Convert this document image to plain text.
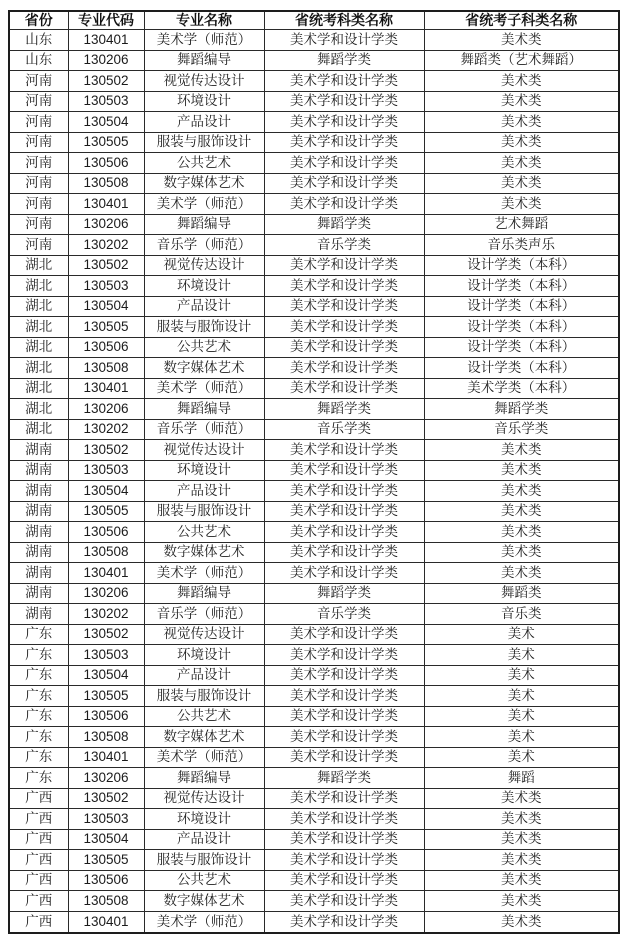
省份	专业代码	专业名称	省统考科类名称	省统考子科类名称
山东	130401	美术学（师范）	美术学和设计学类	美术类
山东	130206	舞蹈编导	舞蹈学类	舞蹈类（艺术舞蹈）
河南	130502	视觉传达设计	美术学和设计学类	美术类
河南	130503	环境设计	美术学和设计学类	美术类
河南	130504	产品设计	美术学和设计学类	美术类
河南	130505	服装与服饰设计	美术学和设计学类	美术类
河南	130506	公共艺术	美术学和设计学类	美术类
河南	130508	数字媒体艺术	美术学和设计学类	美术类
河南	130401	美术学（师范）	美术学和设计学类	美术类
河南	130206	舞蹈编导	舞蹈学类	艺术舞蹈
河南	130202	音乐学（师范）	音乐学类	音乐类声乐
湖北	130502	视觉传达设计	美术学和设计学类	设计学类（本科）
湖北	130503	环境设计	美术学和设计学类	设计学类（本科）
湖北	130504	产品设计	美术学和设计学类	设计学类（本科）
湖北	130505	服装与服饰设计	美术学和设计学类	设计学类（本科）
湖北	130506	公共艺术	美术学和设计学类	设计学类（本科）
湖北	130508	数字媒体艺术	美术学和设计学类	设计学类（本科）
湖北	130401	美术学（师范）	美术学和设计学类	美术学类（本科）
湖北	130206	舞蹈编导	舞蹈学类	舞蹈学类
湖北	130202	音乐学（师范）	音乐学类	音乐学类
湖南	130502	视觉传达设计	美术学和设计学类	美术类
湖南	130503	环境设计	美术学和设计学类	美术类
湖南	130504	产品设计	美术学和设计学类	美术类
湖南	130505	服装与服饰设计	美术学和设计学类	美术类
湖南	130506	公共艺术	美术学和设计学类	美术类
湖南	130508	数字媒体艺术	美术学和设计学类	美术类
湖南	130401	美术学（师范）	美术学和设计学类	美术类
湖南	130206	舞蹈编导	舞蹈学类	舞蹈类
湖南	130202	音乐学（师范）	音乐学类	音乐类
广东	130502	视觉传达设计	美术学和设计学类	美术
广东	130503	环境设计	美术学和设计学类	美术
广东	130504	产品设计	美术学和设计学类	美术
广东	130505	服装与服饰设计	美术学和设计学类	美术
广东	130506	公共艺术	美术学和设计学类	美术
广东	130508	数字媒体艺术	美术学和设计学类	美术
广东	130401	美术学（师范）	美术学和设计学类	美术
广东	130206	舞蹈编导	舞蹈学类	舞蹈
广西	130502	视觉传达设计	美术学和设计学类	美术类
广西	130503	环境设计	美术学和设计学类	美术类
广西	130504	产品设计	美术学和设计学类	美术类
广西	130505	服装与服饰设计	美术学和设计学类	美术类
广西	130506	公共艺术	美术学和设计学类	美术类
广西	130508	数字媒体艺术	美术学和设计学类	美术类
广西	130401	美术学（师范）	美术学和设计学类	美术类
